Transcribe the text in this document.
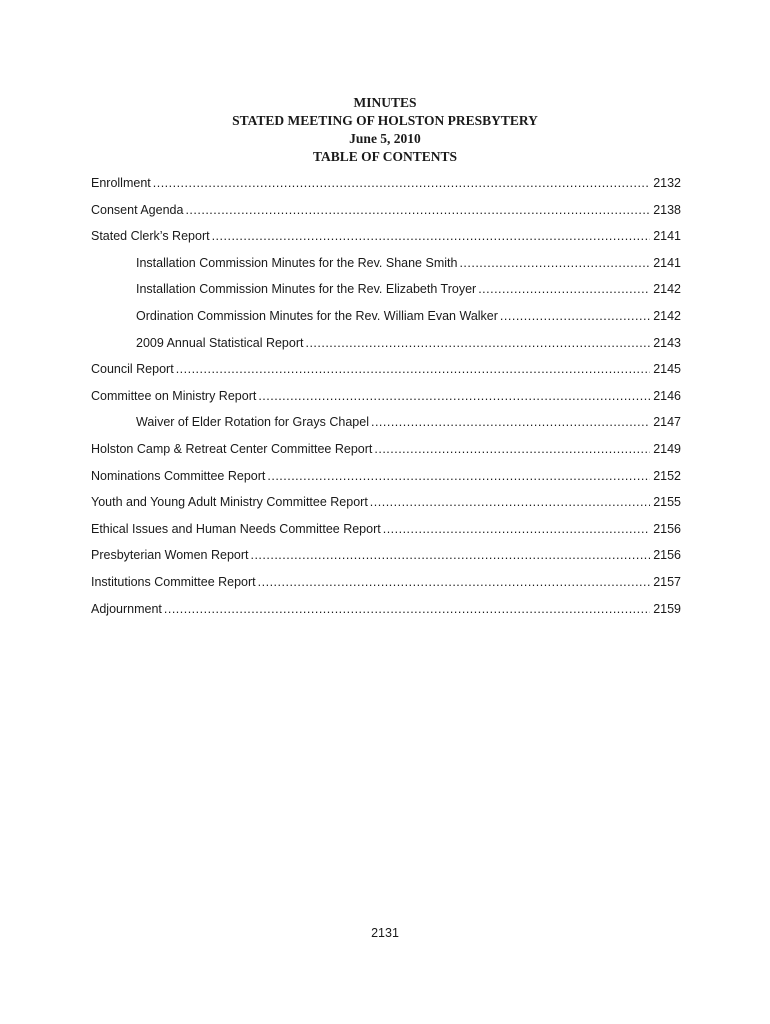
MINUTES
STATED MEETING OF HOLSTON PRESBYTERY
June 5, 2010
TABLE OF CONTENTS
Enrollment .....	2132
Consent Agenda .....	2138
Stated Clerk’s Report .....	2141
Installation Commission Minutes for the Rev. Shane Smith .....	2141
Installation Commission Minutes for the Rev. Elizabeth Troyer .....	2142
Ordination Commission Minutes for the Rev. William Evan Walker .....	2142
2009 Annual Statistical Report .....	2143
Council Report .....	2145
Committee on Ministry Report .....	2146
Waiver of Elder Rotation for Grays Chapel .....	2147
Holston Camp & Retreat Center Committee Report .....	2149
Nominations Committee Report .....	2152
Youth and Young Adult Ministry Committee Report .....	2155
Ethical Issues and Human Needs Committee Report .....	2156
Presbyterian Women Report .....	2156
Institutions Committee Report .....	2157
Adjournment .....	2159
2131
